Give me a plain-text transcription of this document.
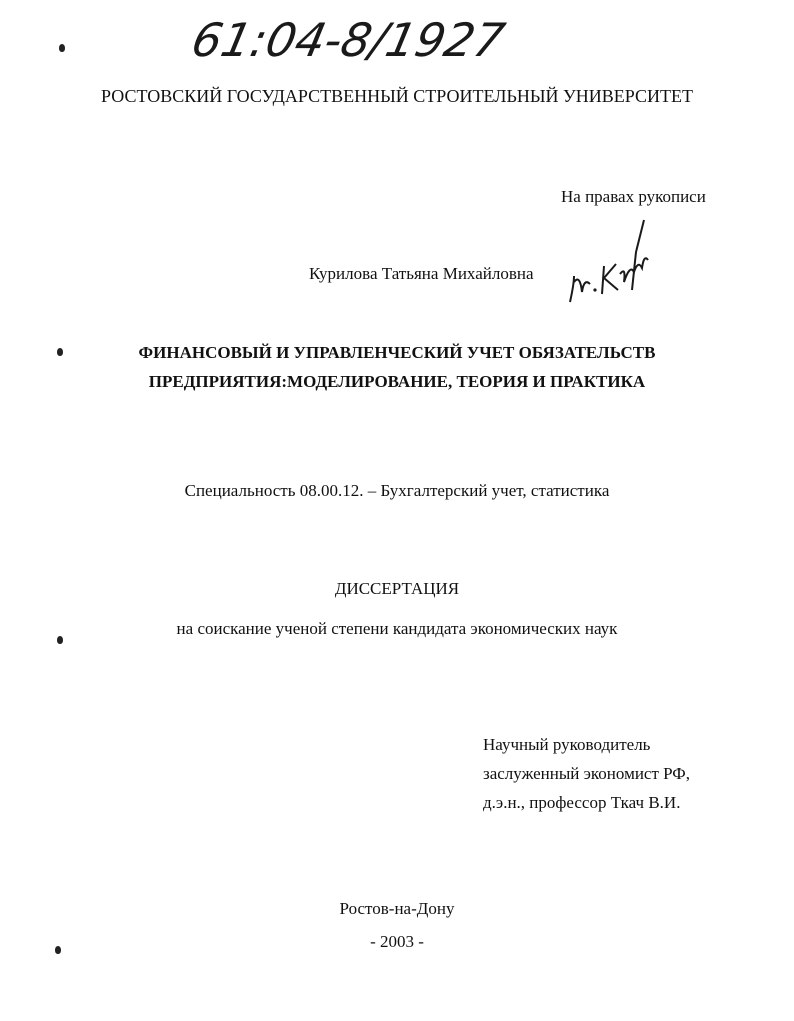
61:04-8/1927
РОСТОВСКИЙ ГОСУДАРСТВЕННЫЙ СТРОИТЕЛЬНЫЙ УНИВЕРСИТЕТ
На правах рукописи
Курилова Татьяна Михайловна
ФИНАНСОВЫЙ И УПРАВЛЕНЧЕСКИЙ УЧЕТ ОБЯЗАТЕЛЬСТВ
ПРЕДПРИЯТИЯ:МОДЕЛИРОВАНИЕ, ТЕОРИЯ И ПРАКТИКА
Специальность 08.00.12. – Бухгалтерский учет, статистика
ДИССЕРТАЦИЯ
на соискание ученой степени кандидата экономических наук
Научный руководитель
заслуженный экономист РФ,
д.э.н., профессор Ткач В.И.
Ростов-на-Дону
- 2003 -
